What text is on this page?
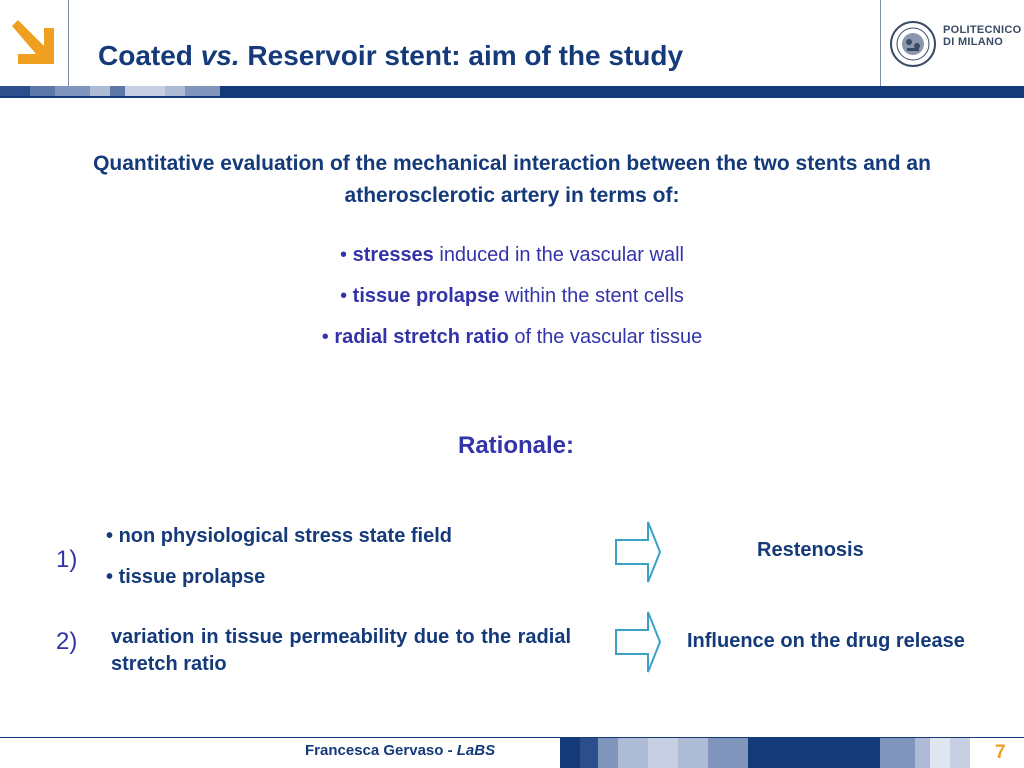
Coated vs. Reservoir stent: aim of the study
POLITECNICO
DI MILANO
Quantitative evaluation of the mechanical interaction between the two stents and an atherosclerotic artery in terms of:
• stresses induced in the vascular wall
• tissue prolapse within the stent cells
• radial stretch ratio of the vascular tissue
Rationale:
1)
• non physiological stress state field
• tissue prolapse
Restenosis
2) variation in tissue permeability due to the radial stretch ratio
Influence on the drug release
Francesca Gervaso - LaBS	7
